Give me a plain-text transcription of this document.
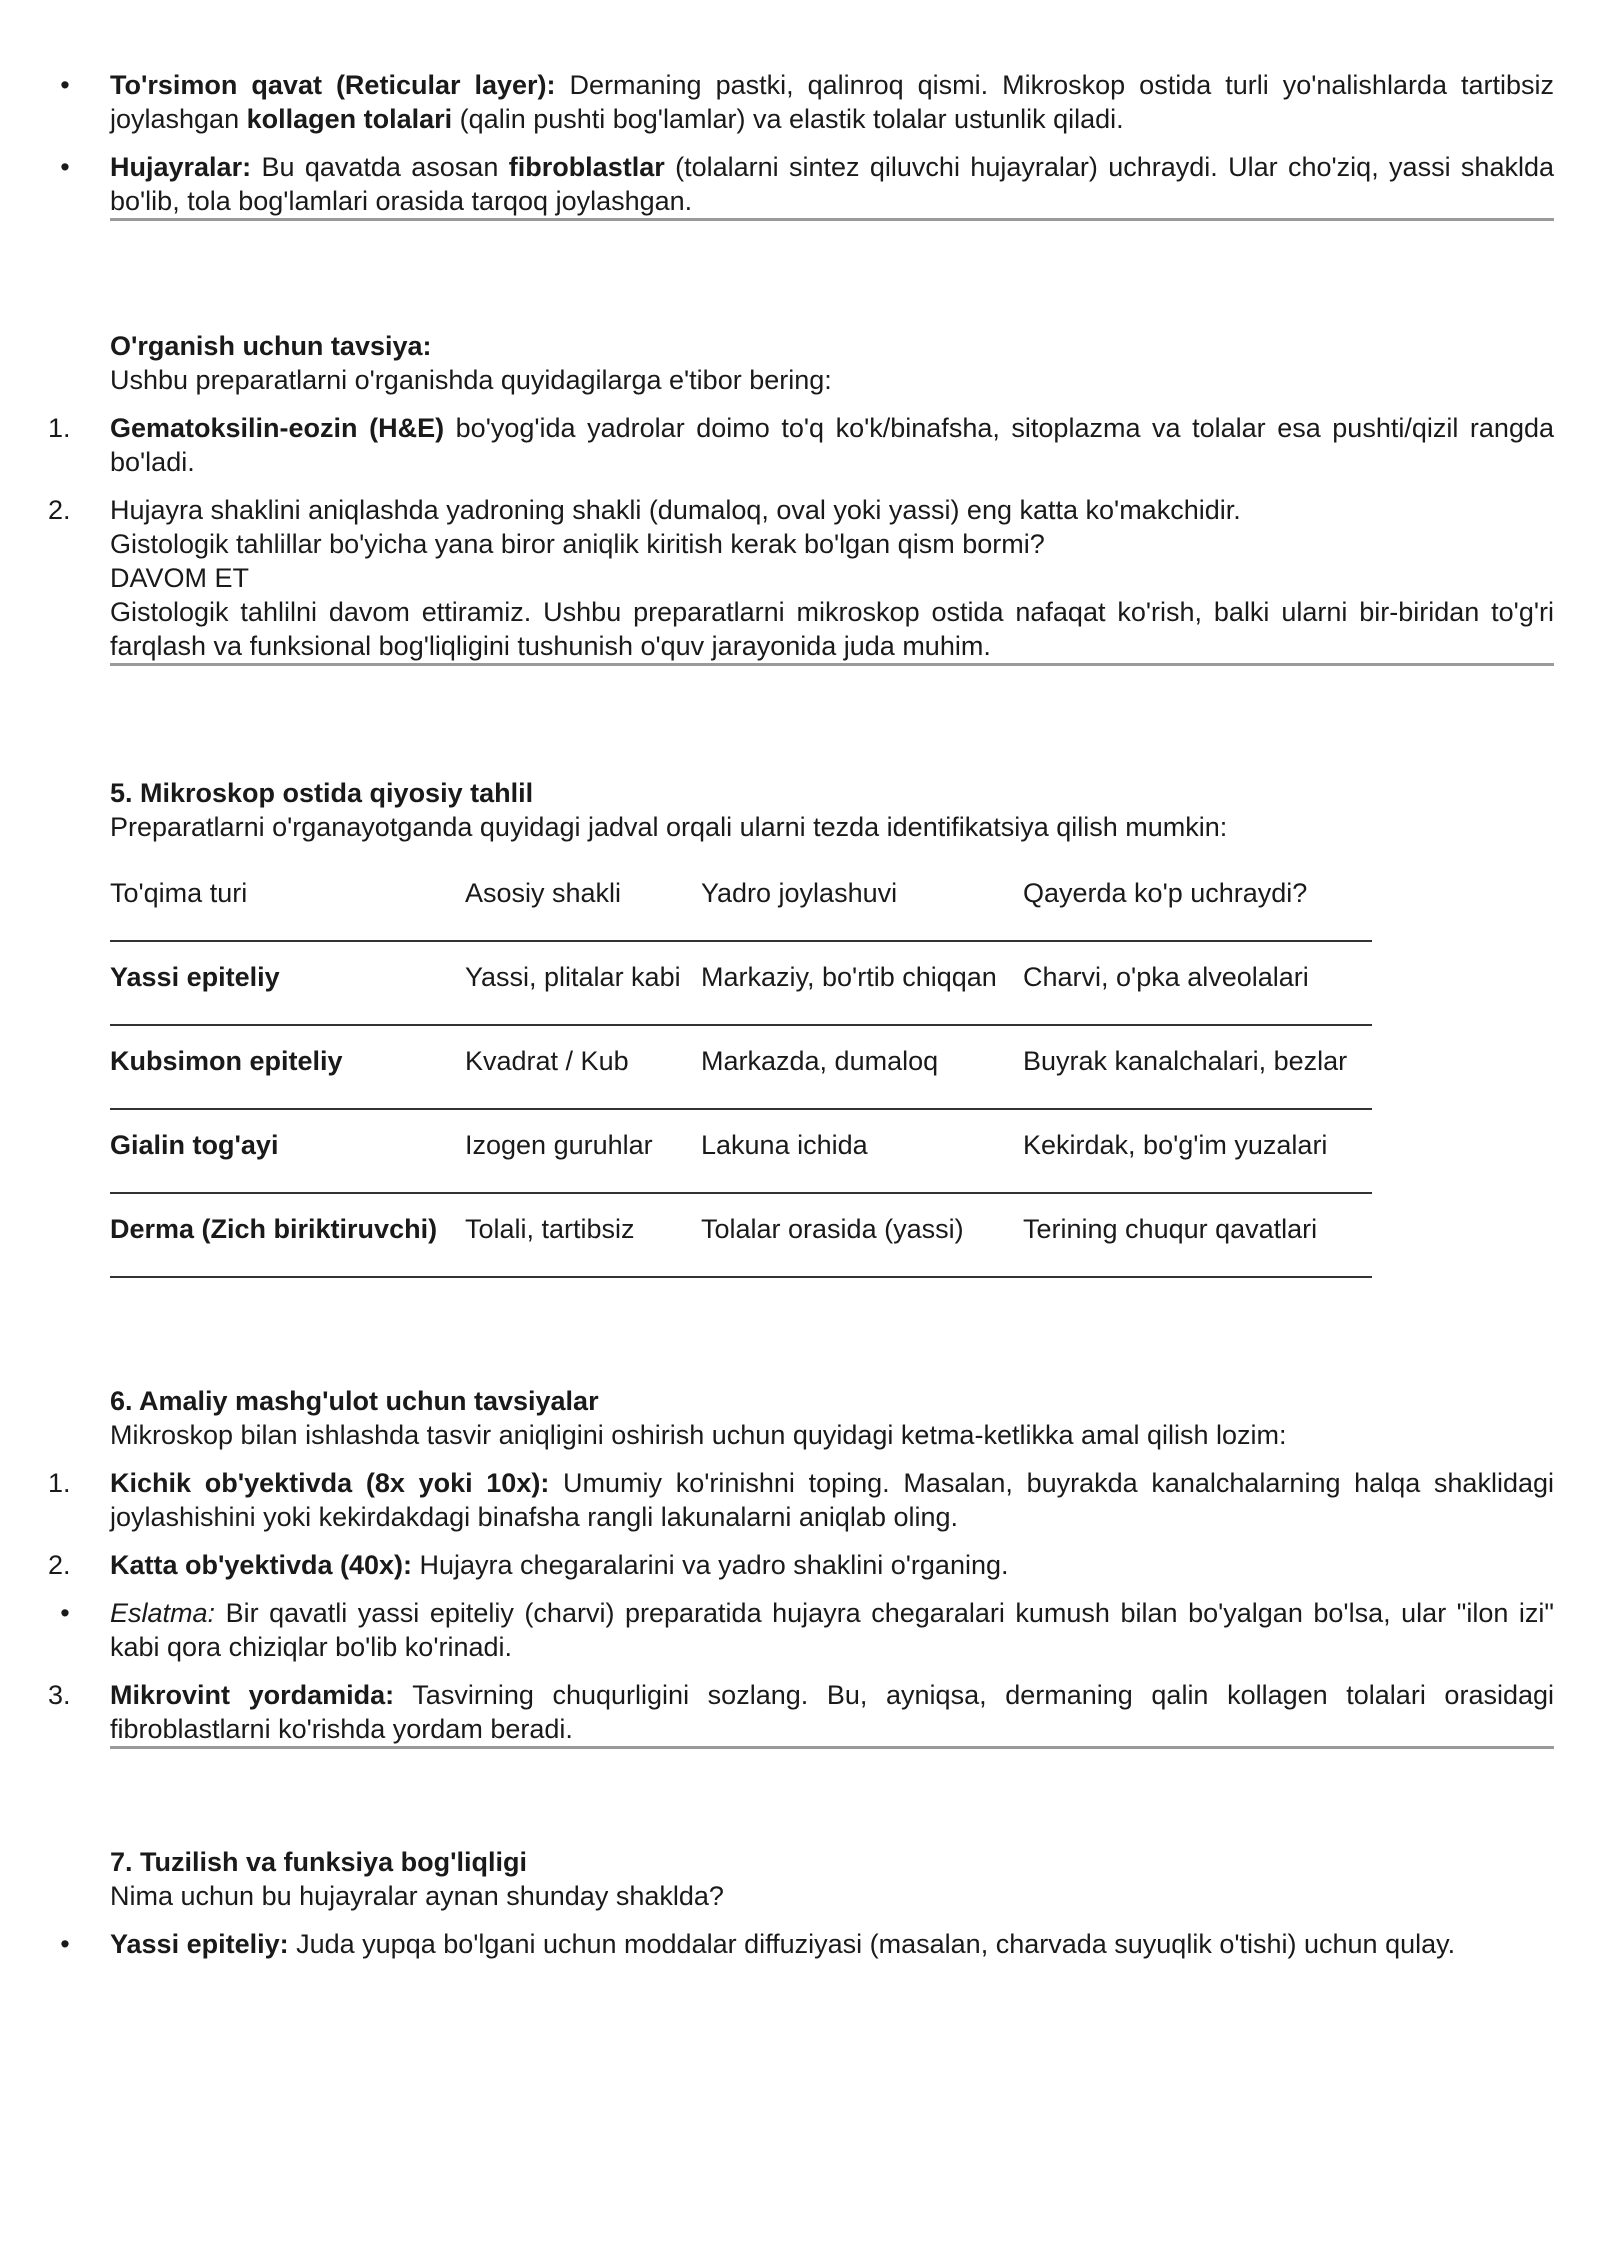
•	To'rsimon qavat (Reticular layer): Dermaning pastki, qalinroq qismi. Mikroskop ostida turli yo'nalishlarda tartibsiz joylashgan kollagen tolalari (qalin pushti bog'lamlar) va elastik tolalar ustunlik qiladi.
•	Hujayralar: Bu qavatda asosan fibroblastlar (tolalarni sintez qiluvchi hujayralar) uchraydi. Ular cho'ziq, yassi shaklda bo'lib, tola bog'lamlari orasida tarqoq joylashgan.
O'rganish uchun tavsiya:
Ushbu preparatlarni o'rganishda quyidagilarga e'tibor bering:
1.	Gematoksilin-eozin (H&E) bo'yog'ida yadrolar doimo to'q ko'k/binafsha, sitoplazma va tolalar esa pushti/qizil rangda bo'ladi.
2.	Hujayra shaklini aniqlashda yadroning shakli (dumaloq, oval yoki yassi) eng katta ko'makchidir.
Gistologik tahlillar bo'yicha yana biror aniqlik kiritish kerak bo'lgan qism bormi?
DAVOM ET
Gistologik tahlilni davom ettiramiz. Ushbu preparatlarni mikroskop ostida nafaqat ko'rish, balki ularni bir-biridan to'g'ri farqlash va funksional bog'liqligini tushunish o'quv jarayonida juda muhim.
5. Mikroskop ostida qiyosiy tahlil
Preparatlarni o'rganayotganda quyidagi jadval orqali ularni tezda identifikatsiya qilish mumkin:
To'qima turi	Asosiy shakli	Yadro joylashuvi	Qayerda ko'p uchraydi?
Yassi epiteliy	Yassi, plitalar kabi	Markaziy, bo'rtib chiqqan	Charvi, o'pka alveolalari
Kubsimon epiteliy	Kvadrat / Kub	Markazda, dumaloq	Buyrak kanalchalari, bezlar
Gialin tog'ayi	Izogen guruhlar	Lakuna ichida	Kekirdak, bo'g'im yuzalari
Derma (Zich biriktiruvchi)	Tolali, tartibsiz	Tolalar orasida (yassi)	Terining chuqur qavatlari
6. Amaliy mashg'ulot uchun tavsiyalar
Mikroskop bilan ishlashda tasvir aniqligini oshirish uchun quyidagi ketma-ketlikka amal qilish lozim:
1.	Kichik ob'yektivda (8x yoki 10x): Umumiy ko'rinishni toping. Masalan, buyrakda kanalchalarning halqa shaklidagi joylashishini yoki kekirdakdagi binafsha rangli lakunalarni aniqlab oling.
2.	Katta ob'yektivda (40x): Hujayra chegaralarini va yadro shaklini o'rganing.
•	Eslatma: Bir qavatli yassi epiteliy (charvi) preparatida hujayra chegaralari kumush bilan bo'yalgan bo'lsa, ular "ilon izi" kabi qora chiziqlar bo'lib ko'rinadi.
3.	Mikrovint yordamida: Tasvirning chuqurligini sozlang. Bu, ayniqsa, dermaning qalin kollagen tolalari orasidagi fibroblastlarni ko'rishda yordam beradi.
7. Tuzilish va funksiya bog'liqligi
Nima uchun bu hujayralar aynan shunday shaklda?
•	Yassi epiteliy: Juda yupqa bo'lgani uchun moddalar diffuziyasi (masalan, charvada suyuqlik o'tishi) uchun qulay.
